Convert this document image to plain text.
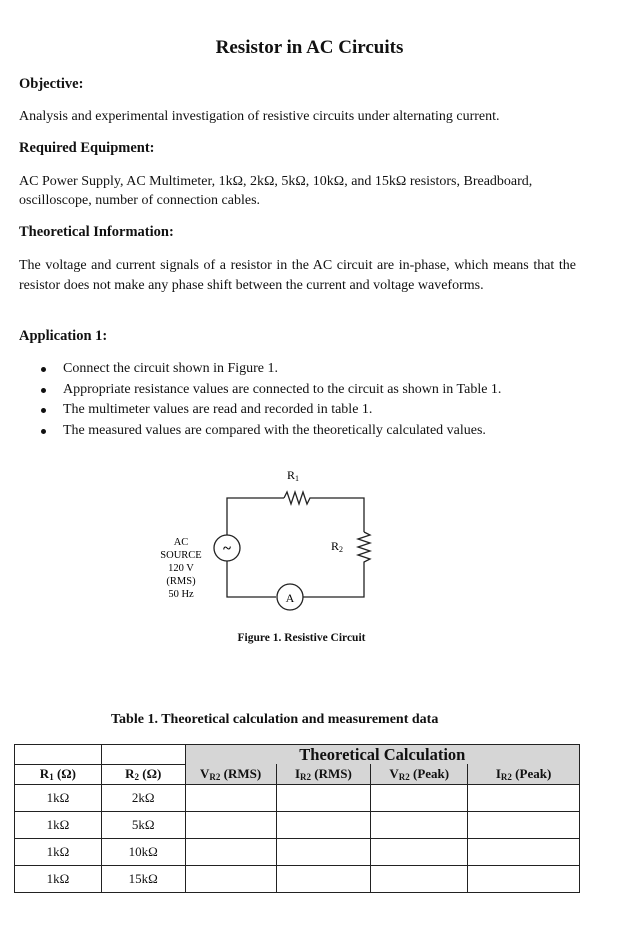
Resistor in AC Circuits
Objective:
Analysis and experimental investigation of resistive circuits under alternating current.
Required Equipment:
AC Power Supply, AC Multimeter, 1kΩ, 2kΩ, 5kΩ, 10kΩ, and 15kΩ resistors, Breadboard,
oscilloscope, number of connection cables.
Theoretical Information:
The voltage and current signals of a resistor in the AC circuit are in-phase, which means that the resistor does not make any phase shift between the current and voltage waveforms.
Application 1:
Connect the circuit shown in Figure 1.
Appropriate resistance values are connected to the circuit as shown in Table 1.
The multimeter values are read and recorded in table 1.
The measured values are compared with the theoretically calculated values.
~
A
R1
R2
AC
SOURCE
120 V
(RMS)
50 Hz
Figure 1. Resistive Circuit
Table 1. Theoretical calculation and measurement data
		Theoretical Calculation			
$R_1$ (Ω)	$R_2$ (Ω)	$V_{R2}$ (RMS)	$I_{R2}$ (RMS)	$V_{R2}$ (Peak)	$I_{R2}$ (Peak)
1kΩ	2kΩ				
1kΩ	5kΩ				
1kΩ	10kΩ				
1kΩ	15kΩ				
